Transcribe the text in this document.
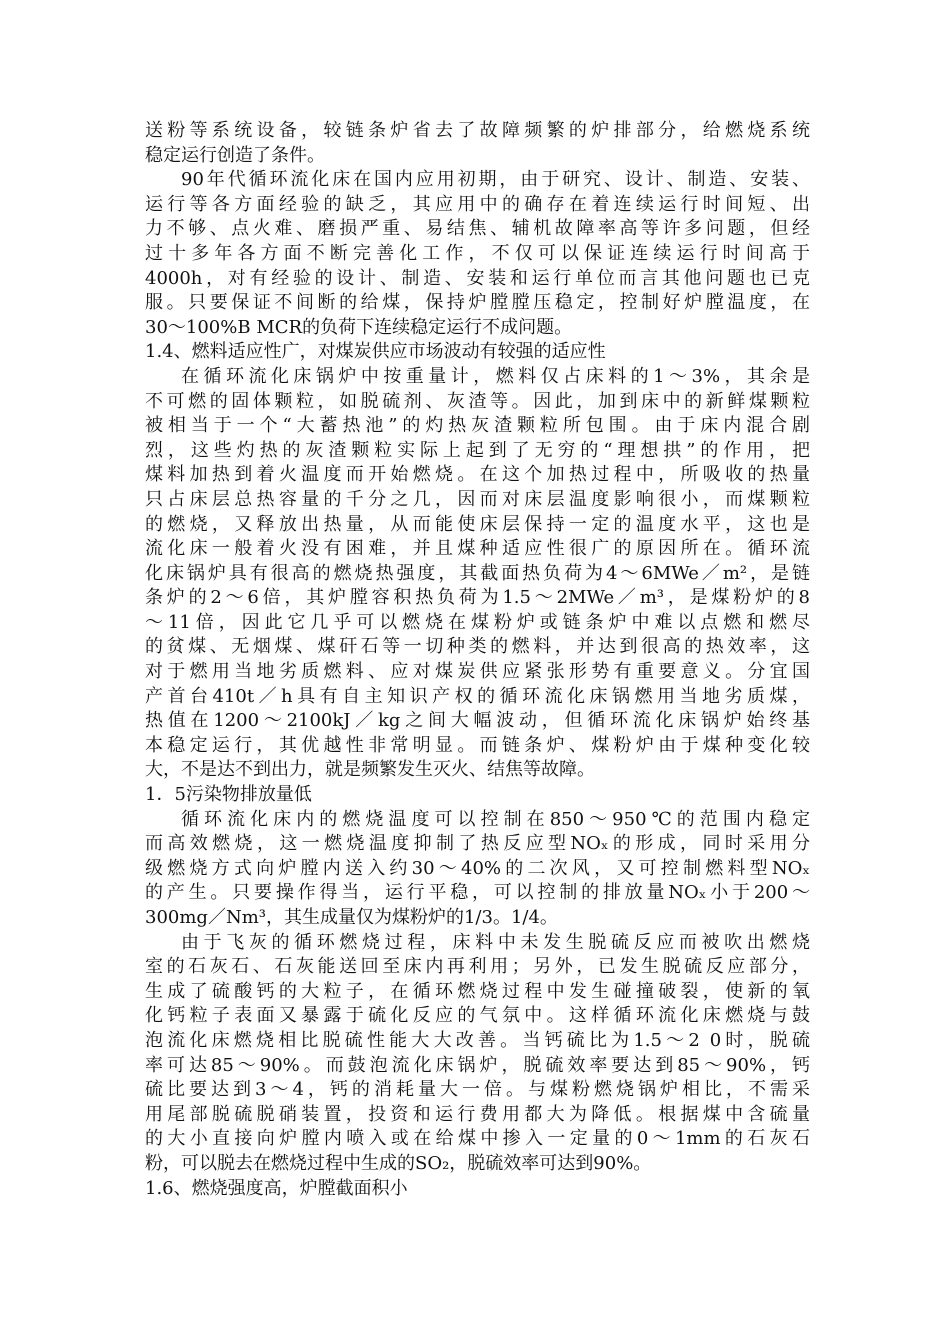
送粉等系统设备，较链条炉省去了故障频繁的炉排部分，给燃烧系统
稳定运行创造了条件。
90年代循环流化床在国内应用初期，由于研究、设计、制造、安装、
运行等各方面经验的缺乏，其应用中的确存在着连续运行时间短、出
力不够、点火难、磨损严重、易结焦、辅机故障率高等许多问题，但经
过十多年各方面不断完善化工作，不仅可以保证连续运行时间高于
4000h，对有经验的设计、制造、安装和运行单位而言其他问题也已克
服。只要保证不间断的给煤，保持炉膛膛压稳定，控制好炉膛温度，在
30～100%B MCR的负荷下连续稳定运行不成问题。
1.4、燃料适应性广，对煤炭供应市场波动有较强的适应性
在循环流化床锅炉中按重量计，燃料仅占床料的1～3%，其余是
不可燃的固体颗粒，如脱硫剂、灰渣等。因此，加到床中的新鲜煤颗粒
被相当于一个“大蓄热池”的灼热灰渣颗粒所包围。由于床内混合剧
烈，这些灼热的灰渣颗粒实际上起到了无穷的“理想拱”的作用，把
煤料加热到着火温度而开始燃烧。在这个加热过程中，所吸收的热量
只占床层总热容量的千分之几，因而对床层温度影响很小，而煤颗粒
的燃烧，又释放出热量，从而能使床层保持一定的温度水平，这也是
流化床一般着火没有困难，并且煤种适应性很广的原因所在。循环流
化床锅炉具有很高的燃烧热强度，其截面热负荷为4～6MWe／m²，是链
条炉的2～6倍，其炉膛容积热负荷为1.5～2MWe／m³，是煤粉炉的8
～11倍，因此它几乎可以燃烧在煤粉炉或链条炉中难以点燃和燃尽
的贫煤、无烟煤、煤矸石等一切种类的燃料，并达到很高的热效率，这
对于燃用当地劣质燃料、应对煤炭供应紧张形势有重要意义。分宜国
产首台410t／h具有自主知识产权的循环流化床锅燃用当地劣质煤，
热值在1200～2100kJ／kg之间大幅波动，但循环流化床锅炉始终基
本稳定运行，其优越性非常明显。而链条炉、煤粉炉由于煤种变化较
大，不是达不到出力，就是频繁发生灭火、结焦等故障。
1．5污染物排放量低
循环流化床内的燃烧温度可以控制在850～950℃的范围内稳定
而高效燃烧，这一燃烧温度抑制了热反应型NOₓ的形成，同时采用分
级燃烧方式向炉膛内送入约30～40%的二次风，又可控制燃料型NOₓ
的产生。只要操作得当，运行平稳，可以控制的排放量NOₓ小于200～
300mg／Nm³，其生成量仅为煤粉炉的1/3。1/4。
由于飞灰的循环燃烧过程，床料中未发生脱硫反应而被吹出燃烧
室的石灰石、石灰能送回至床内再利用；另外，已发生脱硫反应部分，
生成了硫酸钙的大粒子，在循环燃烧过程中发生碰撞破裂，使新的氧
化钙粒子表面又暴露于硫化反应的气氛中。这样循环流化床燃烧与鼓
泡流化床燃烧相比脱硫性能大大改善。当钙硫比为1.5～2 0时，脱硫
率可达85～90%。而鼓泡流化床锅炉，脱硫效率要达到85～90%，钙
硫比要达到3～4，钙的消耗量大一倍。与煤粉燃烧锅炉相比，不需采
用尾部脱硫脱硝装置，投资和运行费用都大为降低。根据煤中含硫量
的大小直接向炉膛内喷入或在给煤中掺入一定量的0～1mm的石灰石
粉，可以脱去在燃烧过程中生成的SO₂，脱硫效率可达到90%。
1.6、燃烧强度高，炉膛截面积小
